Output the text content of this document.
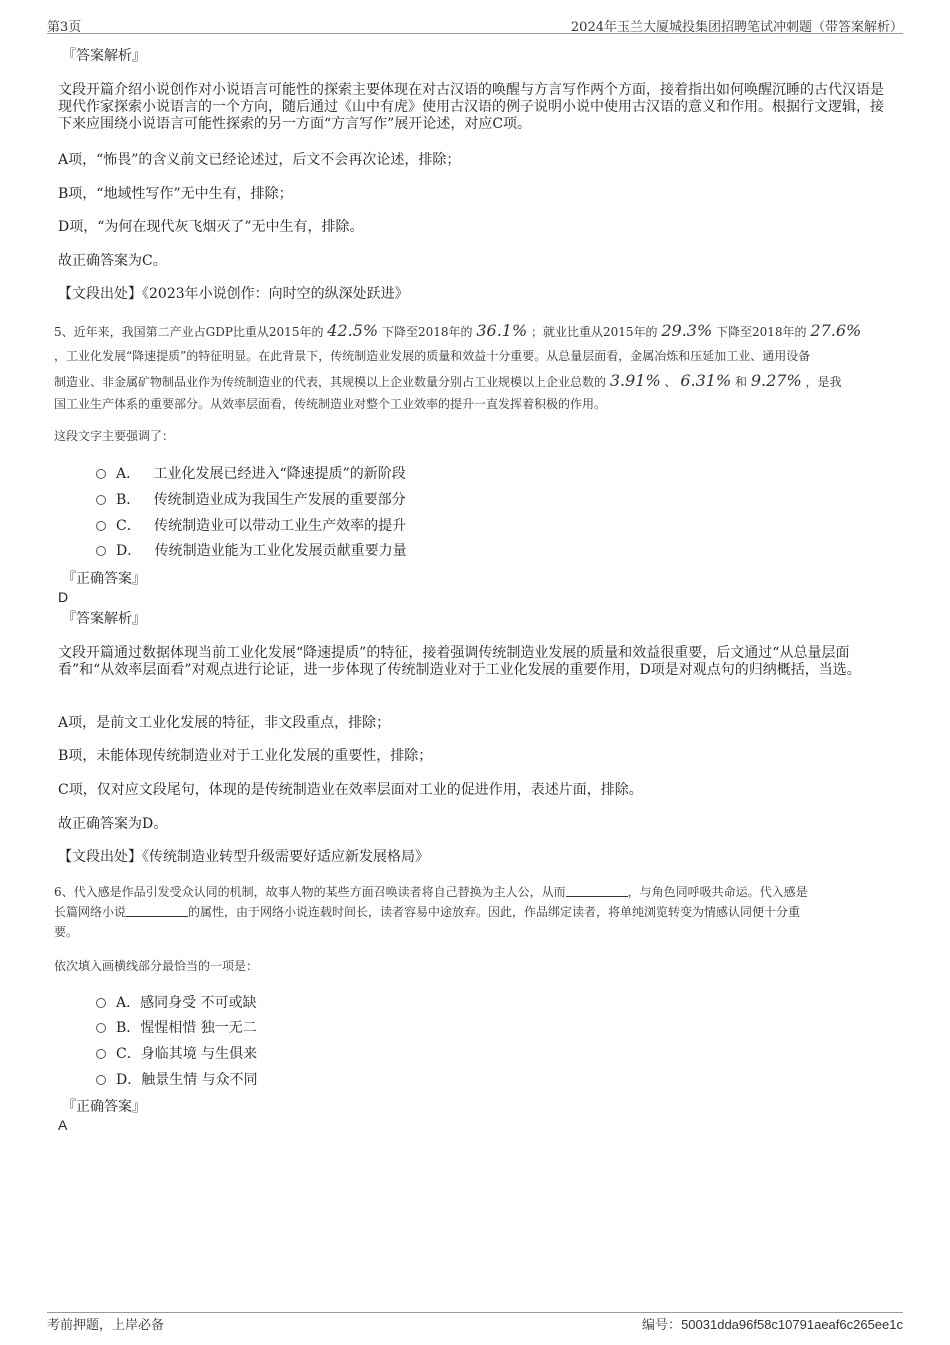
第3页	2024年玉兰大厦城投集团招聘笔试冲刺题（带答案解析）
『答案解析』
文段开篇介绍小说创作对小说语言可能性的探索主要体现在对古汉语的唤醒与方言写作两个方面，接着指出如何唤醒沉睡的古代汉语是现代作家探索小说语言的一个方向，随后通过《山中有虎》使用古汉语的例子说明小说中使用古汉语的意义和作用。根据行文逻辑，接下来应围绕小说语言可能性探索的另一方面“方言写作”展开论述，对应C项。
A项，“怖畏”的含义前文已经论述过，后文不会再次论述，排除；
B项，“地域性写作”无中生有，排除；
D项，“为何在现代灰飞烟灭了”无中生有，排除。
故正确答案为C。
【文段出处】《2023年小说创作：向时空的纵深处跃进》
5、近年来，我国第二产业占GDP比重从2015年的 42.5% 下降至2018年的 36.1% ；就业比重从2015年的 29.3% 下降至2018年的 27.6%
，工业化发展“降速提质”的特征明显。在此背景下，传统制造业发展的质量和效益十分重要。从总量层面看，金属冶炼和压延加工业、通用设备
制造业、非金属矿物制品业作为传统制造业的代表，其规模以上企业数量分别占工业规模以上企业总数的 3.91% 、 6.31% 和 9.27% ，是我
国工业生产体系的重要部分。从效率层面看，传统制造业对整个工业效率的提升一直发挥着积极的作用。
这段文字主要强调了：
A． 工业化发展已经进入“降速提质”的新阶段
B． 传统制造业成为我国生产发展的重要部分
C． 传统制造业可以带动工业生产效率的提升
D． 传统制造业能为工业化发展贡献重要力量
『正确答案』
D
『答案解析』
文段开篇通过数据体现当前工业化发展“降速提质”的特征，接着强调传统制造业发展的质量和效益很重要，后文通过“从总量层面看”和“从效率层面看”对观点进行论证，进一步体现了传统制造业对于工业化发展的重要作用，D项是对观点句的归纳概括，当选。
A项，是前文工业化发展的特征，非文段重点，排除；
B项，未能体现传统制造业对于工业化发展的重要性，排除；
C项，仅对应文段尾句，体现的是传统制造业在效率层面对工业的促进作用，表述片面，排除。
故正确答案为D。
【文段出处】《传统制造业转型升级需要好适应新发展格局》
6、代入感是作品引发受众认同的机制，故事人物的某些方面召唤读者将自己替换为主人公，从而	，与角色同呼吸共命运。代入感是
长篇网络小说	的属性，由于网络小说连载时间长，读者容易中途放弃。因此，作品绑定读者，将单纯浏览转变为情感认同便十分重
要。
依次填入画横线部分最恰当的一项是：
A．感同身受 不可或缺
B．惺惺相惜 独一无二
C．身临其境 与生俱来
D．触景生情 与众不同
『正确答案』
A
考前押题，上岸必备	编号：50031dda96f58c10791aeaf6c265ee1c
